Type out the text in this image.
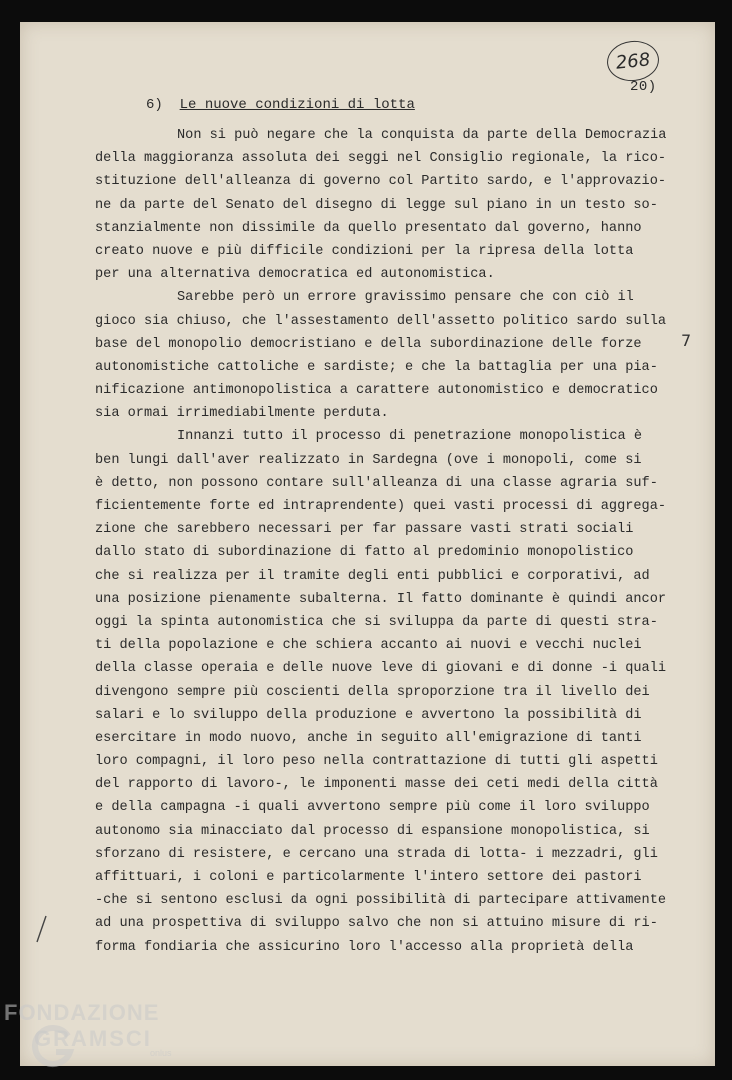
268
20)
6) Le nuove condizioni di lotta
Non si può negare che la conquista da parte della Democrazia
della maggioranza assoluta dei seggi nel Consiglio regionale, la rico-
stituzione dell'alleanza di governo col Partito sardo, e l'approvazio-
ne da parte del Senato del disegno di legge sul piano in un testo so-
stanzialmente non dissimile da quello presentato dal governo, hanno
creato nuove e più difficile condizioni per la ripresa della lotta
per una alternativa democratica ed autonomistica.
Sarebbe però un errore gravissimo pensare che con ciò il
gioco sia chiuso, che l'assestamento dell'assetto politico sardo sulla
base del monopolio democristiano e della subordinazione delle forze
autonomistiche cattoliche e sardiste; e che la battaglia per una pia-
nificazione antimonopolistica a carattere autonomistico e democratico
sia ormai irrimediabilmente perduta.
Innanzi tutto il processo di penetrazione monopolistica è
ben lungi dall'aver realizzato in Sardegna (ove i monopoli, come si
è detto, non possono contare sull'alleanza di una classe agraria suf-
ficientemente forte ed intraprendente) quei vasti processi di aggrega-
zione che sarebbero necessari per far passare vasti strati sociali
dallo stato di subordinazione di fatto al predominio monopolistico
che si realizza per il tramite degli enti pubblici e corporativi, ad
una posizione pienamente subalterna. Il fatto dominante è quindi ancor
oggi la spinta autonomistica che si sviluppa da parte di questi stra-
ti della popolazione e che schiera accanto ai nuovi e vecchi nuclei
della classe operaia e delle nuove leve di giovani e di donne -i quali
divengono sempre più coscienti della sproporzione tra il livello dei
salari e lo sviluppo della produzione e avvertono la possibilità di
esercitare in modo nuovo, anche in seguito all'emigrazione di tanti
loro compagni, il loro peso nella contrattazione di tutti gli aspetti
del rapporto di lavoro-, le imponenti masse dei ceti medi della città
e della campagna -i quali avvertono sempre più come il loro sviluppo
autonomo sia minacciato dal processo di espansione monopolistica, si
sforzano di resistere, e cercano una strada di lotta- i mezzadri, gli
affittuari, i coloni e particolarmente l'intero settore dei pastori
-che si sentono esclusi da ogni possibilità di partecipare attivamente
ad una prospettiva di sviluppo salvo che non si attuino misure di ri-
forma fondiaria che assicurino loro l'accesso alla proprietà della
7
FONDAZIONE
GRAMSCI
onlus
